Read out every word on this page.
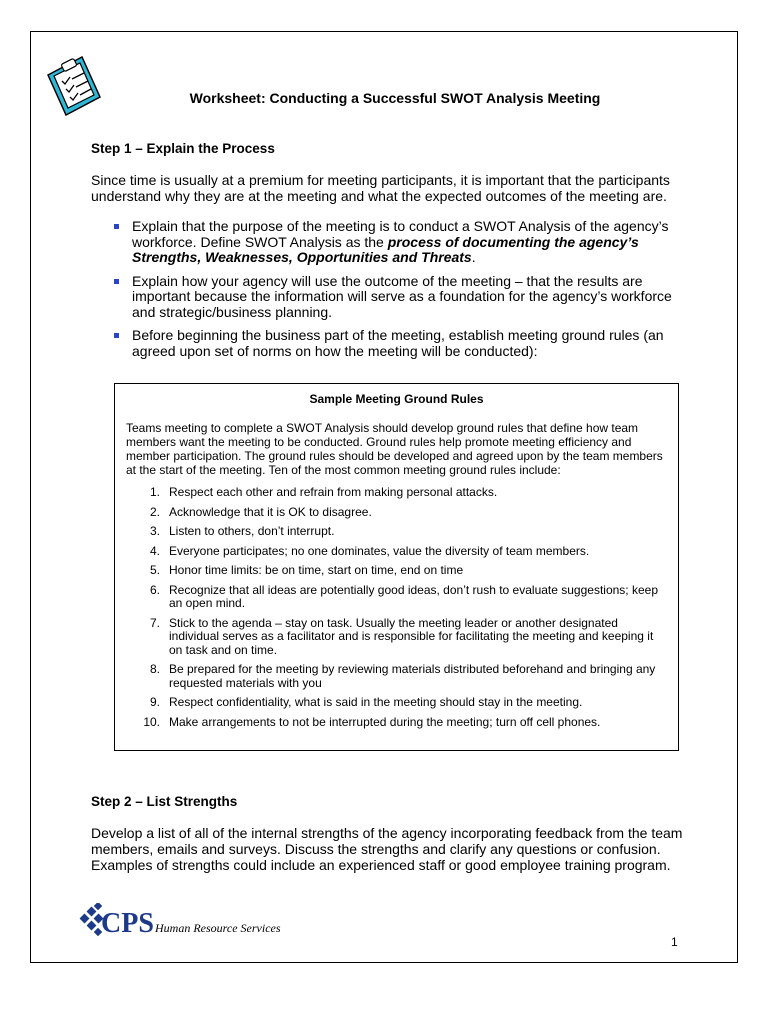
Worksheet: Conducting a Successful SWOT Analysis Meeting
Step 1 – Explain the Process
Since time is usually at a premium for meeting participants, it is important that the participants understand why they are at the meeting and what the expected outcomes of the meeting are.
Explain that the purpose of the meeting is to conduct a SWOT Analysis of the agency’s workforce. Define SWOT Analysis as the process of documenting the agency’s Strengths, Weaknesses, Opportunities and Threats.
Explain how your agency will use the outcome of the meeting – that the results are important because the information will serve as a foundation for the agency’s workforce and strategic/business planning.
Before beginning the business part of the meeting, establish meeting ground rules (an agreed upon set of norms on how the meeting will be conducted):
Sample Meeting Ground Rules
Teams meeting to complete a SWOT Analysis should develop ground rules that define how team members want the meeting to be conducted. Ground rules help promote meeting efficiency and member participation. The ground rules should be developed and agreed upon by the team members at the start of the meeting. Ten of the most common meeting ground rules include:
1. Respect each other and refrain from making personal attacks.
2. Acknowledge that it is OK to disagree.
3. Listen to others, don’t interrupt.
4. Everyone participates; no one dominates, value the diversity of team members.
5. Honor time limits: be on time, start on time, end on time
6. Recognize that all ideas are potentially good ideas, don’t rush to evaluate suggestions; keep an open mind.
7. Stick to the agenda – stay on task. Usually the meeting leader or another designated individual serves as a facilitator and is responsible for facilitating the meeting and keeping it on task and on time.
8. Be prepared for the meeting by reviewing materials distributed beforehand and bringing any requested materials with you
9. Respect confidentiality, what is said in the meeting should stay in the meeting.
10. Make arrangements to not be interrupted during the meeting; turn off cell phones.
Step 2 – List Strengths
Develop a list of all of the internal strengths of the agency incorporating feedback from the team members, emails and surveys. Discuss the strengths and clarify any questions or confusion. Examples of strengths could include an experienced staff or good employee training program.
CPS Human Resource Services
1
